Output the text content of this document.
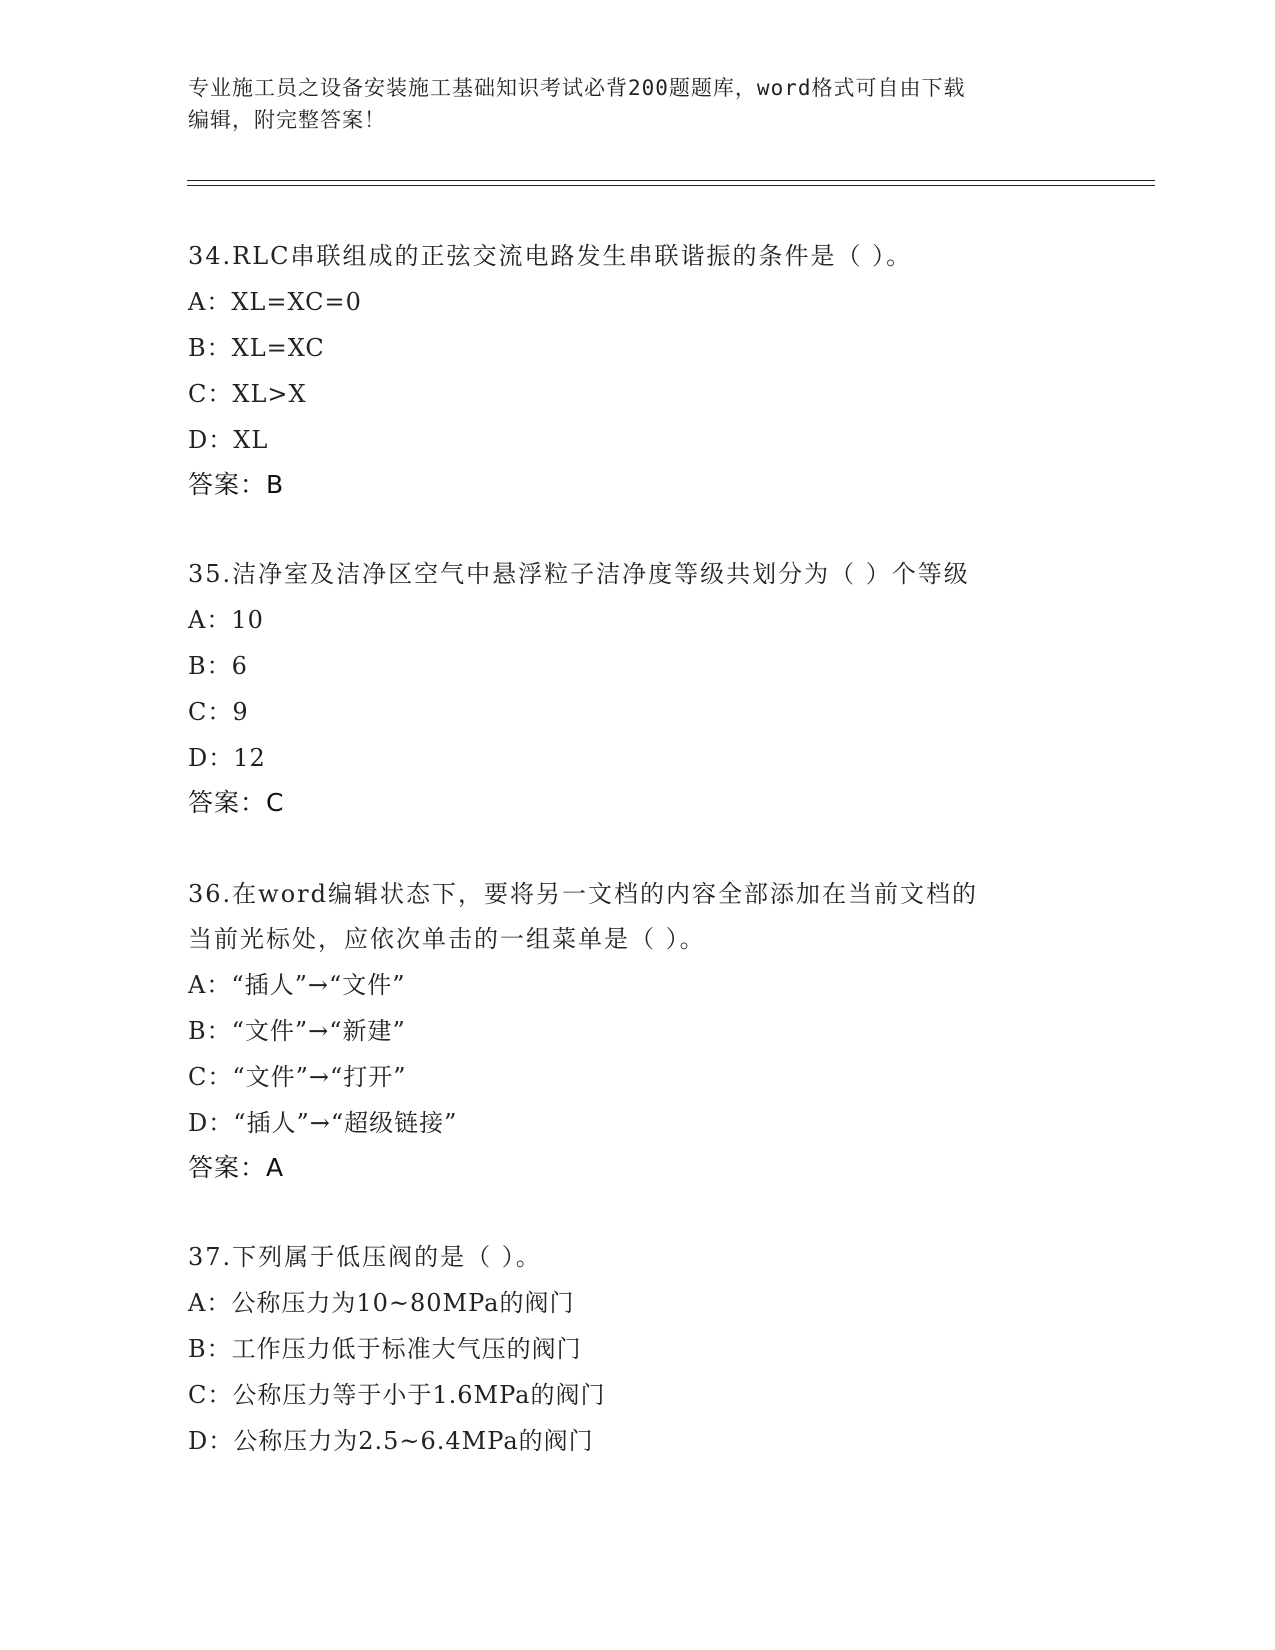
专业施工员之设备安装施工基础知识考试必背200题题库，word格式可自由下载
编辑，附完整答案！
34.RLC串联组成的正弦交流电路发生串联谐振的条件是（ ）。
A：XL=XC=0
B：XL=XC
C：XL>X
D：XL
答案：B
35.洁净室及洁净区空气中悬浮粒子洁净度等级共划分为（ ）个等级
A：10
B：6
C：9
D：12
答案：C
36.在word编辑状态下，要将另一文档的内容全部添加在当前文档的
当前光标处，应依次单击的一组菜单是（ ）。
A：“插人”→“文件”
B：“文件”→“新建”
C：“文件”→“打开”
D：“插人”→“超级链接”
答案：A
37.下列属于低压阀的是（ ）。
A：公称压力为10~80MPa的阀门
B：工作压力低于标准大气压的阀门
C：公称压力等于小于1.6MPa的阀门
D：公称压力为2.5~6.4MPa的阀门
